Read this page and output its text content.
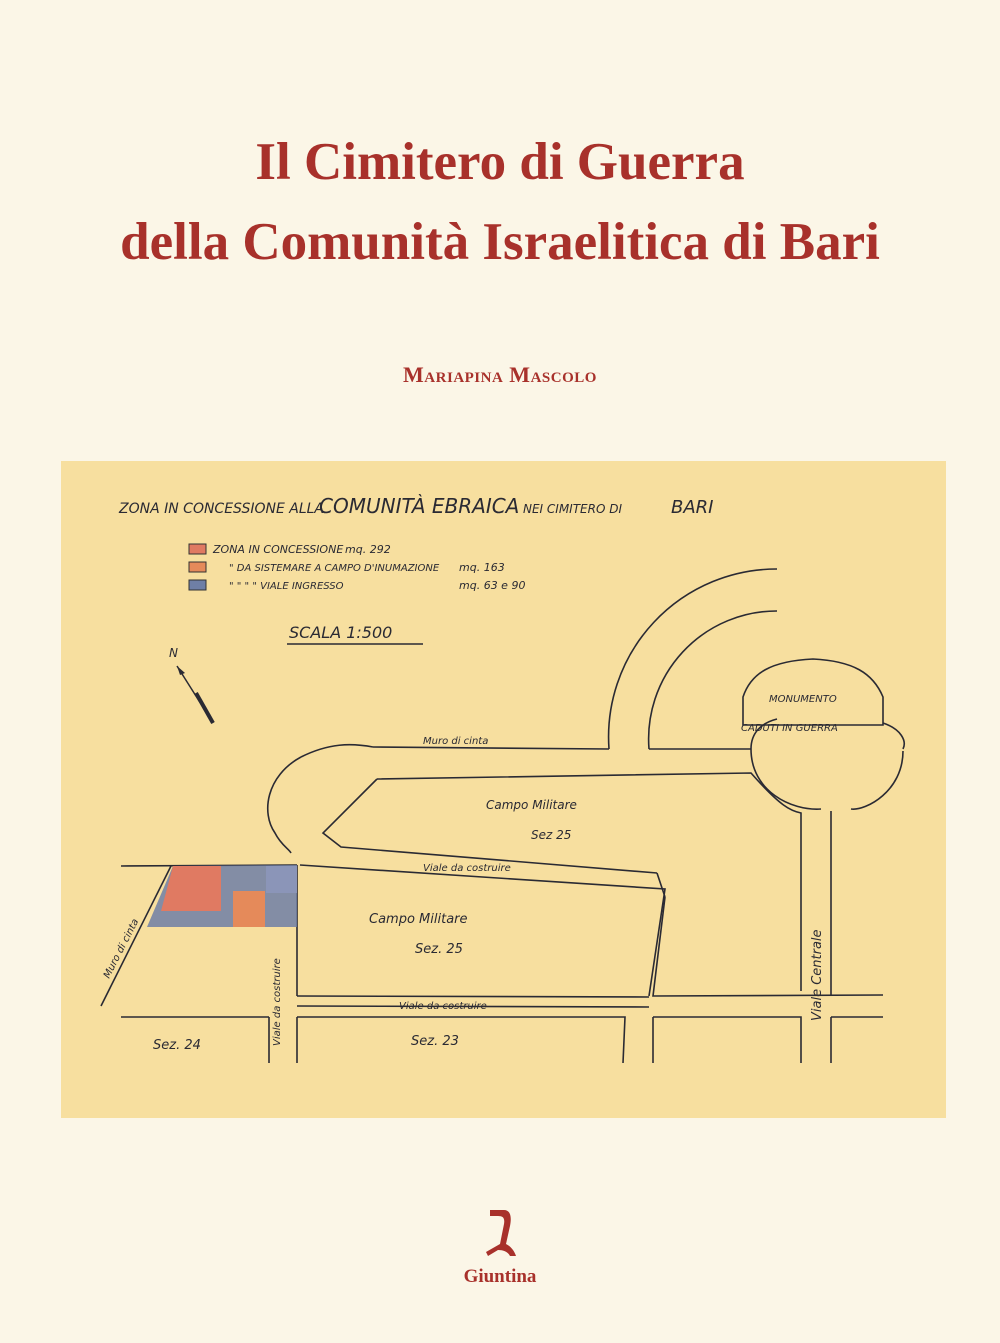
Il Cimitero di Guerra
della Comunità Israelitica di Bari
Mariapina Mascolo
ZONA IN CONCESSIONE ALLA
COMUNITÀ EBRAICA NEI CIMITERO DI	BARI
ZONA IN CONCESSIONE mq. 292
" DA SISTEMARE A CAMPO D'INUMAZIONE mq. 163
" " " " VIALE INGRESSO	mq. 63 e 90
SCALA 1:500
N
MONUMENTO
CADUTI IN GUERRA
Muro di cinta
Campo Militare
Sez 25
Viale da costruire
Campo Militare
Sez. 25
Viale da costruire
Sez. 24	Sez. 23
Viale da costruire	Viale Centrale
Muro di cinta
Giuntina
